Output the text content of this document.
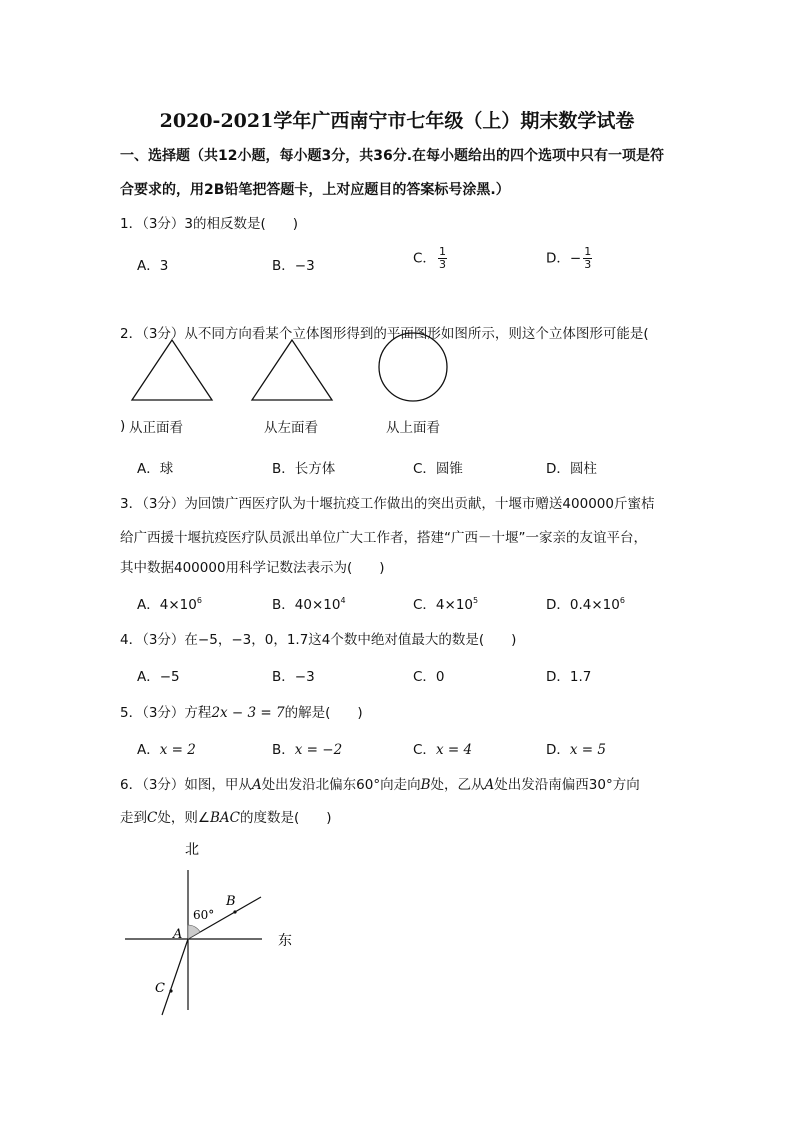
2020-2021学年广西南宁市七年级（上）期末数学试卷
一、选择题（共12小题，每小题3分，共36分.在每小题给出的四个选项中只有一项是符
合要求的，用2B铅笔把答题卡，上对应题目的答案标号涂黑.）
1．（3分）3的相反数是(　　)
A．3	B．−3	C． $\frac{1}{3}$	D．− $\frac{1}{3}$
2．（3分）从不同方向看某个立体图形得到的平面图形如图所示，则这个立体图形可能是(
) 从正面看	从左面看	从上面看
A．球	B．长方体	C．圆锥	D．圆柱
3．（3分）为回馈广西医疗队为十堰抗疫工作做出的突出贡献，十堰市赠送400000斤蜜桔
给广西援十堰抗疫医疗队员派出单位广大工作者，搭建“广西－十堰”一家亲的友谊平台，
其中数据400000用科学记数法表示为(　　)
A．$4\times 10^6$	B．$40\times 10^4$	C．$4\times 10^5$	D．$0.4\times 10^6$
4．（3分）在−5，−3，0，1.7这4个数中绝对值最大的数是(　　)
A．−5	B．−3	C．0	D．1.7
5．（3分）方程2x − 3 = 7的解是(　　)
A．x = 2	B．x = −2	C．x = 4	D．x = 5
6．（3分）如图，甲从A处出发沿北偏东60°向走向B处，乙从A处出发沿南偏西30°方向
走到C处，则∠BAC的度数是(　　)
北
东
60°
B
A
C
